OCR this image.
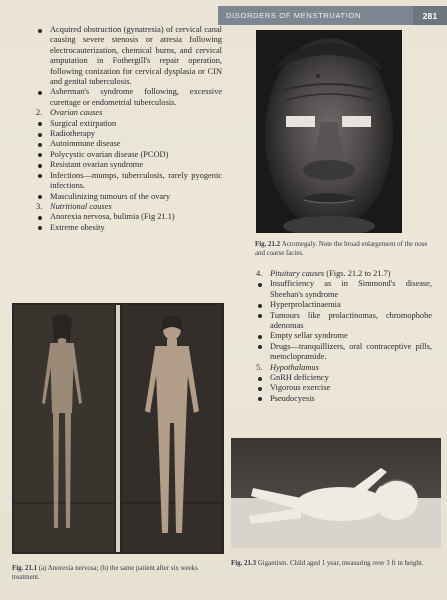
DISORDERS OF MENSTRUATION	281
Acquired obstruction (gynatresia) of cervical canal causing severe stenosis or atresia following electrocauterization, chemical burns, and cervical amputation in Fothergill's repair operation, following conization for cervical dysplasia or CIN and genital tuberculosis.
Asherman's syndrome following, excessive curettage or endometrial tuberculosis.
2. Ovarian causes
Surgical extirpation
Radiotherapy
Autoimmune disease
Polycystic ovarian disease (PCOD)
Resistant ovarian syndrome
Infections—mumps, tuberculosis, rarely pyogenic infections.
Masculinizing tumours of the ovary
3. Nutritional causes
Anorexia nervosa, bulimia (Fig 21.1)
Extreme obesity
Fig. 21.2 Acromegaly. Note the broad enlargement of the nose and coarse facies.
4. Pituitary causes (Figs. 21.2 to 21.7)
Insufficiency as in Simmond's disease, Sheehan's syndrome
Hyperprolactinaemia
Tumours like prolactinomas, chromophobe adenomas
Empty sellar syndrome
Drugs—tranquillizers, oral contraceptive pills, metoclopramide.
5. Hypothalamus
GnRH deficiency
Vigorous exercise
Pseudocyesis
Fig. 21.1 (a) Anorexia nervosa; (b) the same patient after six weeks treatment.
Fig. 21.3 Gigantism. Child aged 1 year, measuring over 3 ft in height.
